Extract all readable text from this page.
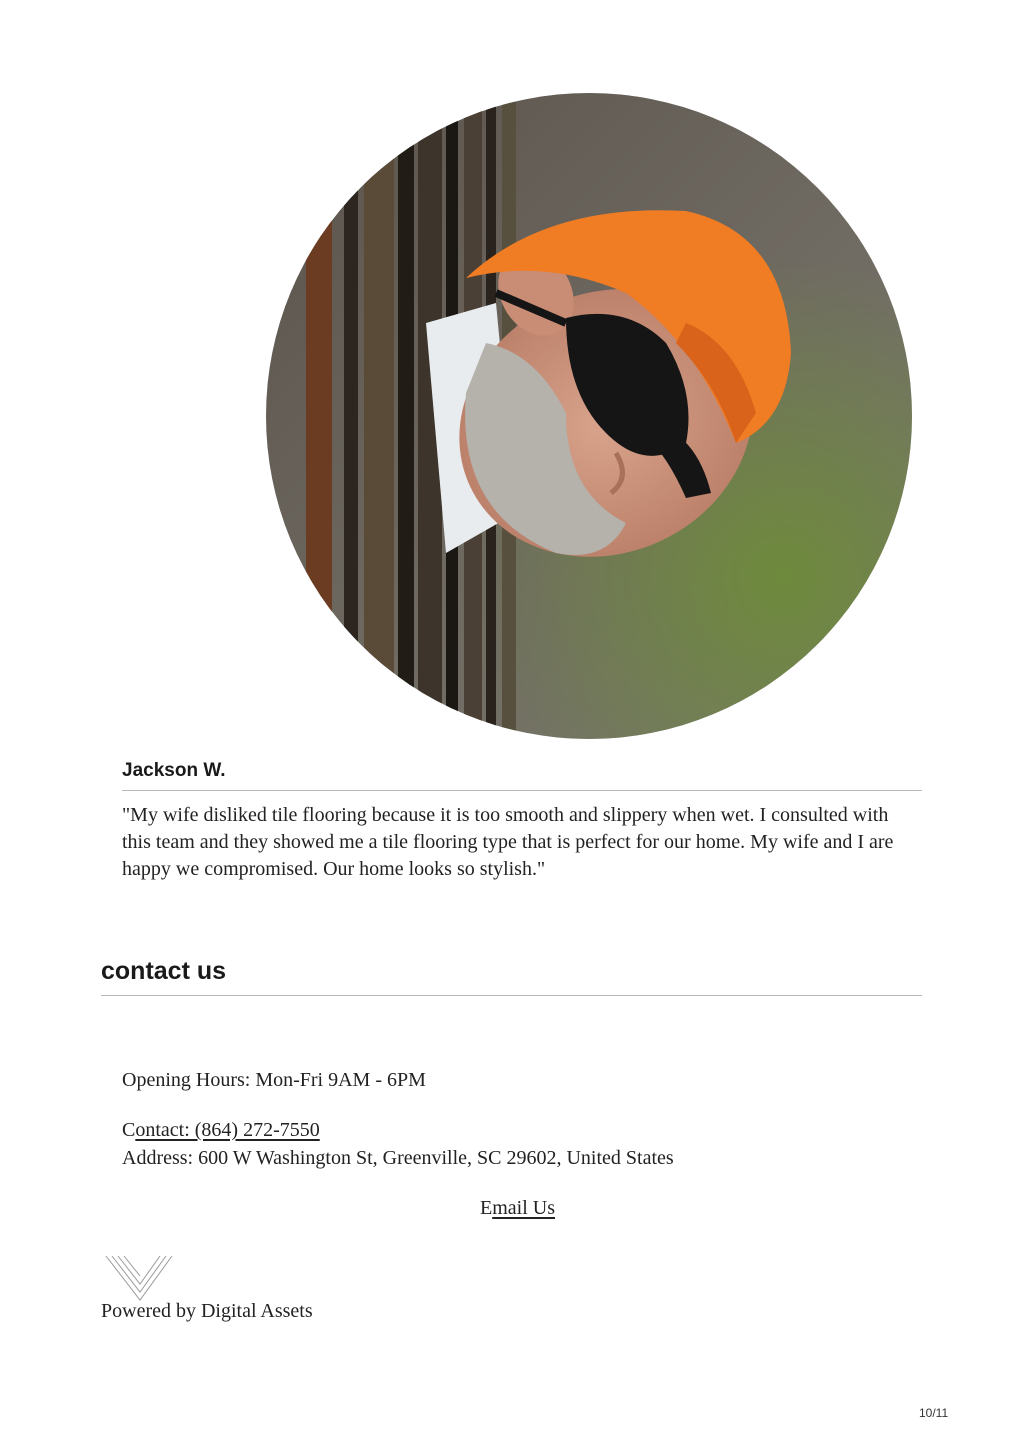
Jackson W.
"My wife disliked tile flooring because it is too smooth and slippery when wet. I consulted with this team and they showed me a tile flooring type that is perfect for our home. My wife and I are happy we compromised. Our home looks so stylish."
contact us
Opening Hours: Mon-Fri 9AM - 6PM
Contact: (864) 272-7550
Address: 600 W Washington St, Greenville, SC 29602, United States
Email Us
Powered by Digital Assets
10/11
